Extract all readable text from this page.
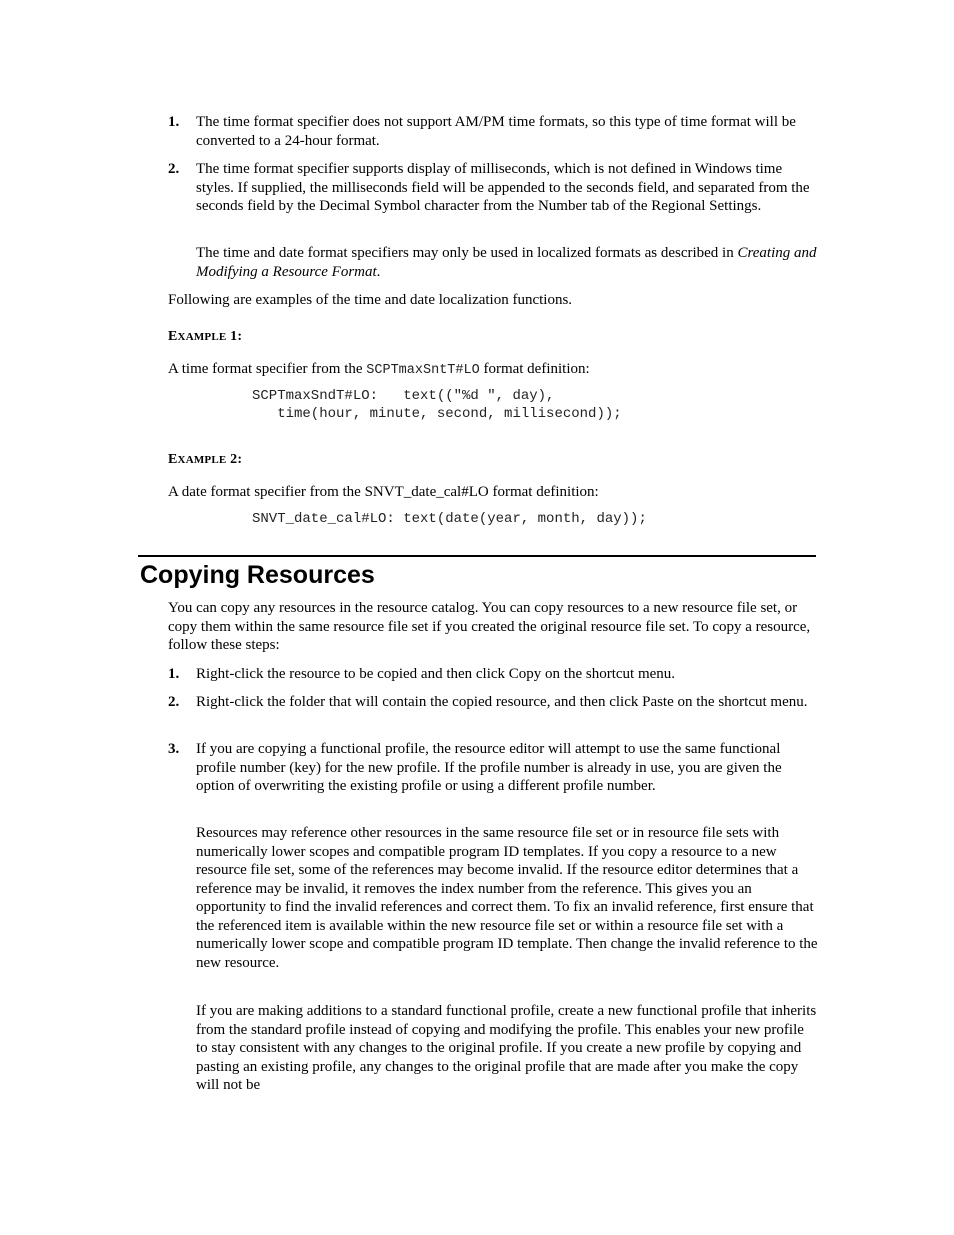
1. The time format specifier does not support AM/PM time formats, so this type of time format will be converted to a 24-hour format.

2. The time format specifier supports display of milliseconds, which is not defined in Windows time styles. If supplied, the milliseconds field will be appended to the seconds field, and separated from the seconds field by the Decimal Symbol character from the Number tab of the Regional Settings.

The time and date format specifiers may only be used in localized formats as described in Creating and Modifying a Resource Format.

Following are examples of the time and date localization functions.

EXAMPLE 1:

A time format specifier from the SCPTmaxSntT#LO format definition:

SCPTmaxSndT#LO:   text(("%d ", day),
time(hour, minute, second, millisecond));
EXAMPLE 2:

A date format specifier from the SNVT_date_cal#LO format definition:

SNVT_date_cal#LO: text(date(year, month, day));
Copying Resources

You can copy any resources in the resource catalog. You can copy resources to a new resource file set, or copy them within the same resource file set if you created the original resource file set. To copy a resource, follow these steps:

1. Right-click the resource to be copied and then click Copy on the shortcut menu.

2. Right-click the folder that will contain the copied resource, and then click Paste on the shortcut menu.

3. If you are copying a functional profile, the resource editor will attempt to use the same functional profile number (key) for the new profile. If the profile number is already in use, you are given the option of overwriting the existing profile or using a different profile number.

Resources may reference other resources in the same resource file set or in resource file sets with numerically lower scopes and compatible program ID templates. If you copy a resource to a new resource file set, some of the references may become invalid. If the resource editor determines that a reference may be invalid, it removes the index number from the reference. This gives you an opportunity to find the invalid references and correct them. To fix an invalid reference, first ensure that the referenced item is available within the new resource file set or within a resource file set with a numerically lower scope and compatible program ID template. Then change the invalid reference to the new resource.

If you are making additions to a standard functional profile, create a new functional profile that inherits from the standard profile instead of copying and modifying the profile. This enables your new profile to stay consistent with any changes to the original profile. If you create a new profile by copying and pasting an existing profile, any changes to the original profile that are made after you make the copy will not be
